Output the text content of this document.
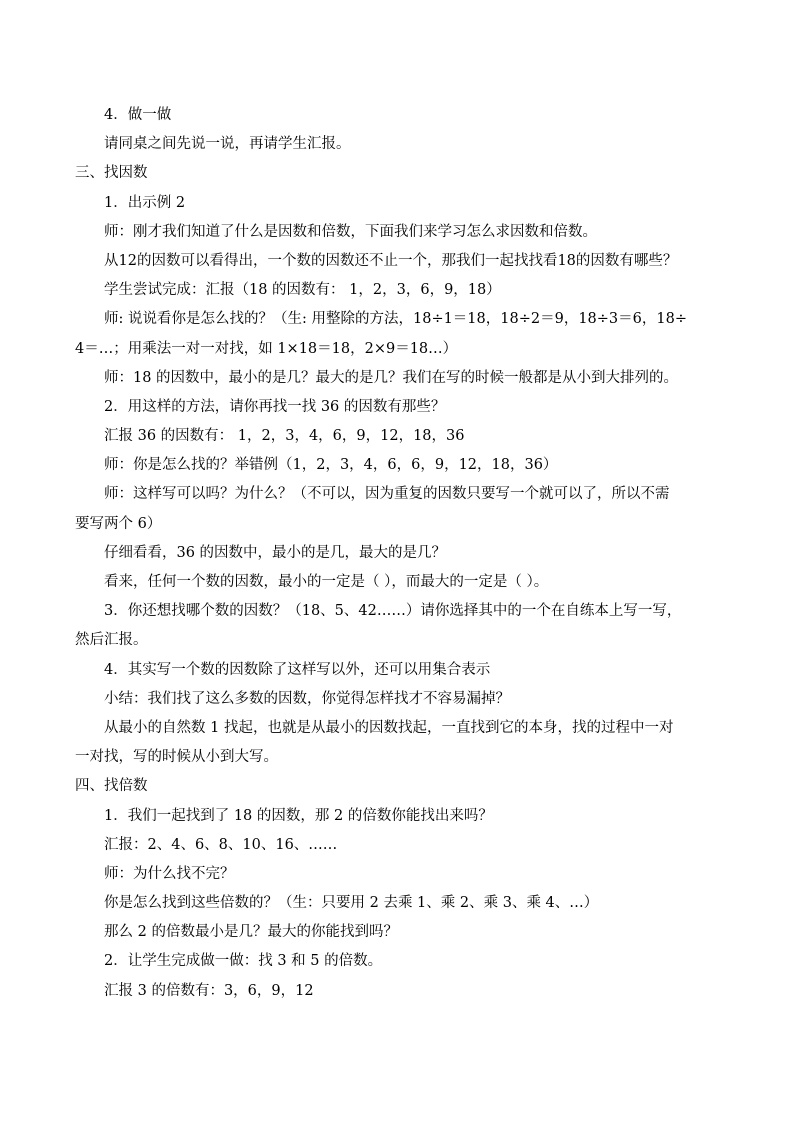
4．做一做
请同桌之间先说一说，再请学生汇报。
三、找因数
1．出示例 2
师：刚才我们知道了什么是因数和倍数，下面我们来学习怎么求因数和倍数。
从12的因数可以看得出，一个数的因数还不止一个，那我们一起找找看18的因数有哪些？
学生尝试完成：汇报（18 的因数有： 1，2，3，6，9，18）
师: 说说看你是怎么找的？（生: 用整除的方法，18÷1＝18，18÷2＝9，18÷3＝6，18÷
4＝…；用乘法一对一对找，如 1×18＝18，2×9＝18…）
师：18 的因数中，最小的是几？最大的是几？我们在写的时候一般都是从小到大排列的。
2．用这样的方法，请你再找一找 36 的因数有那些？
汇报 36 的因数有： 1，2，3，4，6，9，12，18，36
师：你是怎么找的？举错例（1，2，3，4，6，6，9，12，18，36）
师：这样写可以吗？为什么？（不可以，因为重复的因数只要写一个就可以了，所以不需
要写两个 6）
仔细看看，36 的因数中，最小的是几，最大的是几？
看来，任何一个数的因数，最小的一定是（ ），而最大的一定是（ ）。
3．你还想找哪个数的因数？（18、5、42……）请你选择其中的一个在自练本上写一写，
然后汇报。
4．其实写一个数的因数除了这样写以外，还可以用集合表示
小结：我们找了这么多数的因数，你觉得怎样找才不容易漏掉？
从最小的自然数 1 找起，也就是从最小的因数找起，一直找到它的本身，找的过程中一对
一对找，写的时候从小到大写。
四、找倍数
1．我们一起找到了 18 的因数，那 2 的倍数你能找出来吗？
汇报：2、4、6、8、10、16、……
师：为什么找不完？
你是怎么找到这些倍数的？（生：只要用 2 去乘 1、乘 2、乘 3、乘 4、…）
那么 2 的倍数最小是几？最大的你能找到吗？
2．让学生完成做一做：找 3 和 5 的倍数。
汇报 3 的倍数有：3，6，9，12
